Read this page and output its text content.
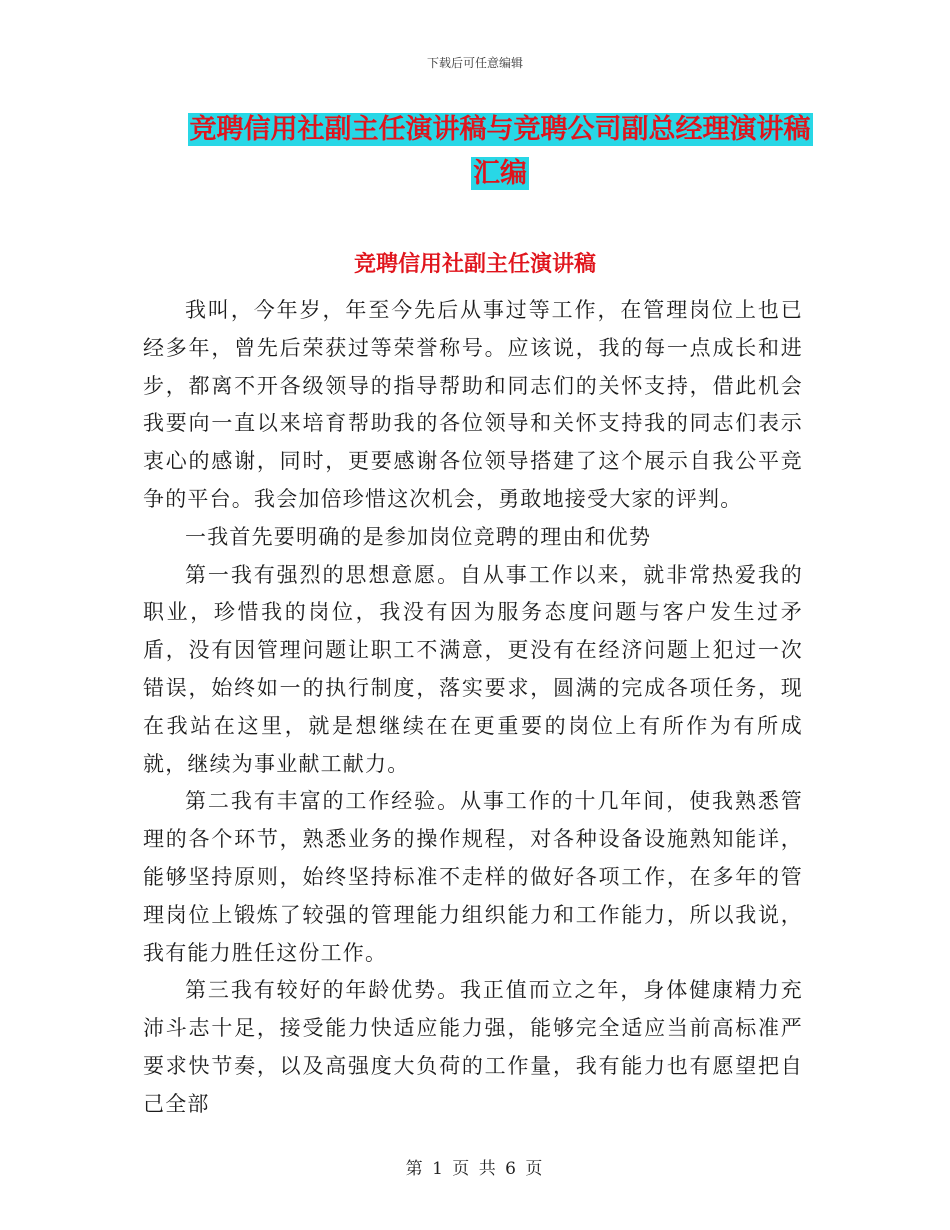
下载后可任意编辑
竞聘信用社副主任演讲稿与竞聘公司副总经理演讲稿
汇编
竞聘信用社副主任演讲稿

我叫，今年岁，年至今先后从事过等工作，在管理岗位上也已经多年，曾先后荣获过等荣誉称号。应该说，我的每一点成长和进步，都离不开各级领导的指导帮助和同志们的关怀支持，借此机会我要向一直以来培育帮助我的各位领导和关怀支持我的同志们表示衷心的感谢，同时，更要感谢各位领导搭建了这个展示自我公平竞争的平台。我会加倍珍惜这次机会，勇敢地接受大家的评判。

一我首先要明确的是参加岗位竞聘的理由和优势

第一我有强烈的思想意愿。自从事工作以来，就非常热爱我的职业，珍惜我的岗位，我没有因为服务态度问题与客户发生过矛盾，没有因管理问题让职工不满意，更没有在经济问题上犯过一次错误，始终如一的执行制度，落实要求，圆满的完成各项任务，现在我站在这里，就是想继续在在更重要的岗位上有所作为有所成就，继续为事业献工献力。

第二我有丰富的工作经验。从事工作的十几年间，使我熟悉管理的各个环节，熟悉业务的操作规程，对各种设备设施熟知能详，能够坚持原则，始终坚持标准不走样的做好各项工作，在多年的管理岗位上锻炼了较强的管理能力组织能力和工作能力，所以我说，我有能力胜任这份工作。

第三我有较好的年龄优势。我正值而立之年，身体健康精力充沛斗志十足，接受能力快适应能力强，能够完全适应当前高标准严要求快节奏，以及高强度大负荷的工作量，我有能力也有愿望把自己全部

第 1 页 共 6 页
